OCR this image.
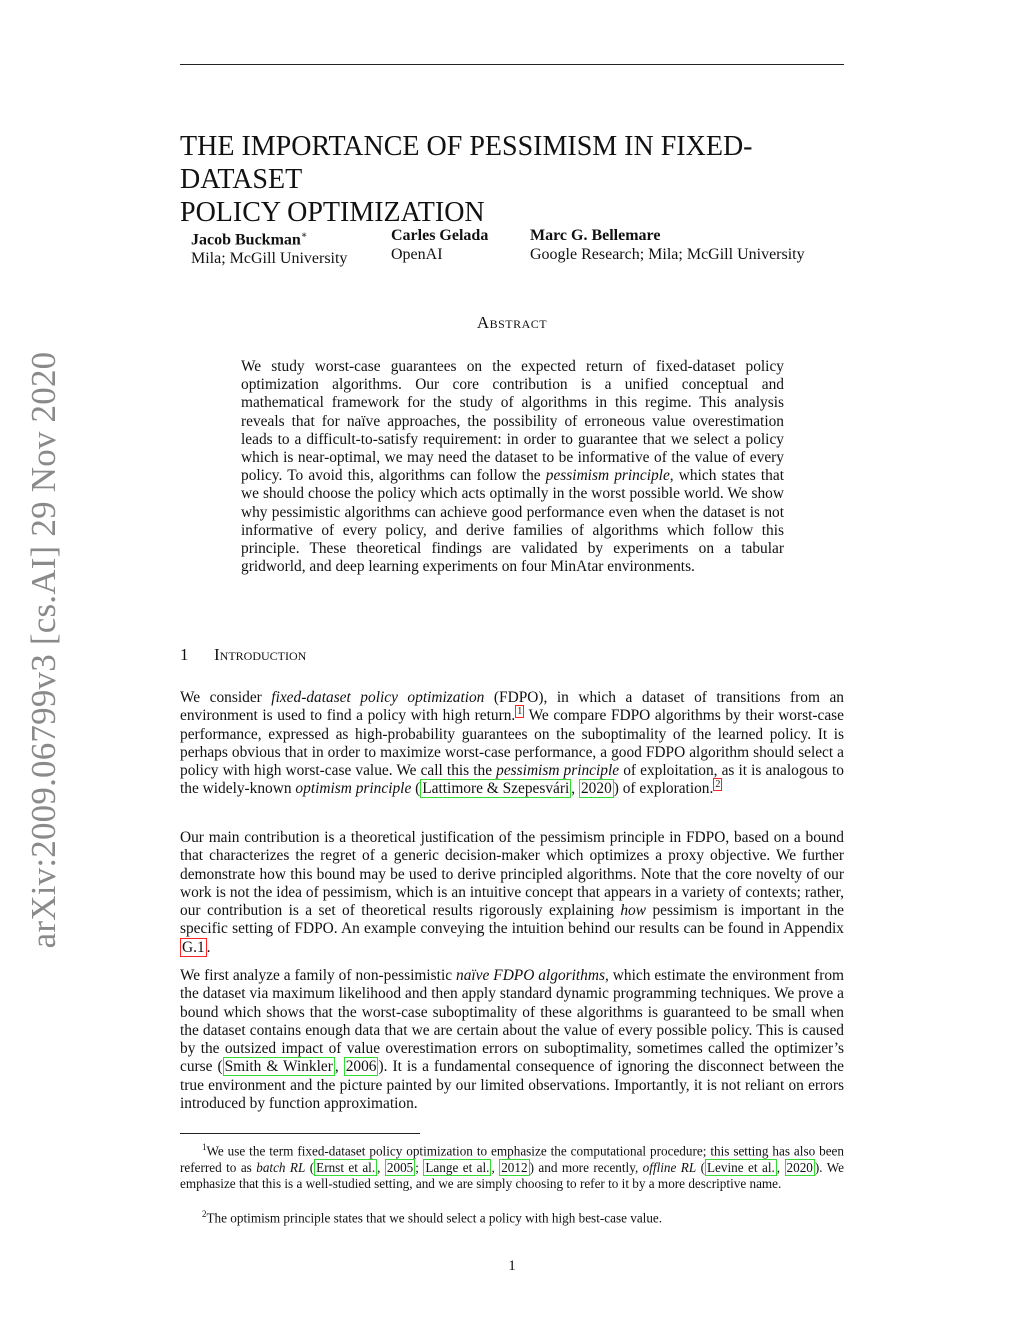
arXiv:2009.06799v3 [cs.AI] 29 Nov 2020
THE IMPORTANCE OF PESSIMISM IN FIXED-DATASET
POLICY OPTIMIZATION
Jacob Buckman∗
Mila; McGill University
Carles Gelada
OpenAI
Marc G. Bellemare
Google Research; Mila; McGill University
Abstract
We study worst-case guarantees on the expected return of fixed-dataset policy optimization algorithms. Our core contribution is a unified conceptual and mathematical framework for the study of algorithms in this regime. This analysis reveals that for naïve approaches, the possibility of erroneous value overestimation leads to a difficult-to-satisfy requirement: in order to guarantee that we select a policy which is near-optimal, we may need the dataset to be informative of the value of every policy. To avoid this, algorithms can follow the pessimism principle, which states that we should choose the policy which acts optimally in the worst possible world. We show why pessimistic algorithms can achieve good performance even when the dataset is not informative of every policy, and derive families of algorithms which follow this principle. These theoretical findings are validated by experiments on a tabular gridworld, and deep learning experiments on four MinAtar environments.
1 Introduction
We consider fixed-dataset policy optimization (FDPO), in which a dataset of transitions from an environment is used to find a policy with high return. $^1$ We compare FDPO algorithms by their worst-case performance, expressed as high-probability guarantees on the suboptimality of the learned policy. It is perhaps obvious that in order to maximize worst-case performance, a good FDPO algorithm should select a policy with high worst-case value. We call this the pessimism principle of exploitation, as it is analogous to the widely-known optimism principle ( Lattimore & Szepesvári , 2020 ) of exploration. $^2$
Our main contribution is a theoretical justification of the pessimism principle in FDPO, based on a bound that characterizes the regret of a generic decision-maker which optimizes a proxy objective. We further demonstrate how this bound may be used to derive principled algorithms. Note that the core novelty of our work is not the idea of pessimism, which is an intuitive concept that appears in a variety of contexts; rather, our contribution is a set of theoretical results rigorously explaining how pessimism is important in the specific setting of FDPO. An example conveying the intuition behind our results can be found in Appendix G.1 .
We first analyze a family of non-pessimistic naïve FDPO algorithms, which estimate the environment from the dataset via maximum likelihood and then apply standard dynamic programming techniques. We prove a bound which shows that the worst-case suboptimality of these algorithms is guaranteed to be small when the dataset contains enough data that we are certain about the value of every possible policy. This is caused by the outsized impact of value overestimation errors on suboptimality, sometimes called the optimizer’s curse ( Smith & Winkler , 2006 ). It is a fundamental consequence of ignoring the disconnect between the true environment and the picture painted by our limited observations. Importantly, it is not reliant on errors introduced by function approximation.
$^1$We use the term fixed-dataset policy optimization to emphasize the computational procedure; this setting has also been referred to as batch RL ( Ernst et al. , 2005 ; Lange et al. , 2012 ) and more recently, offline RL ( Levine et al. , 2020 ). We emphasize that this is a well-studied setting, and we are simply choosing to refer to it by a more descriptive name.
$^2$The optimism principle states that we should select a policy with high best-case value.
1
